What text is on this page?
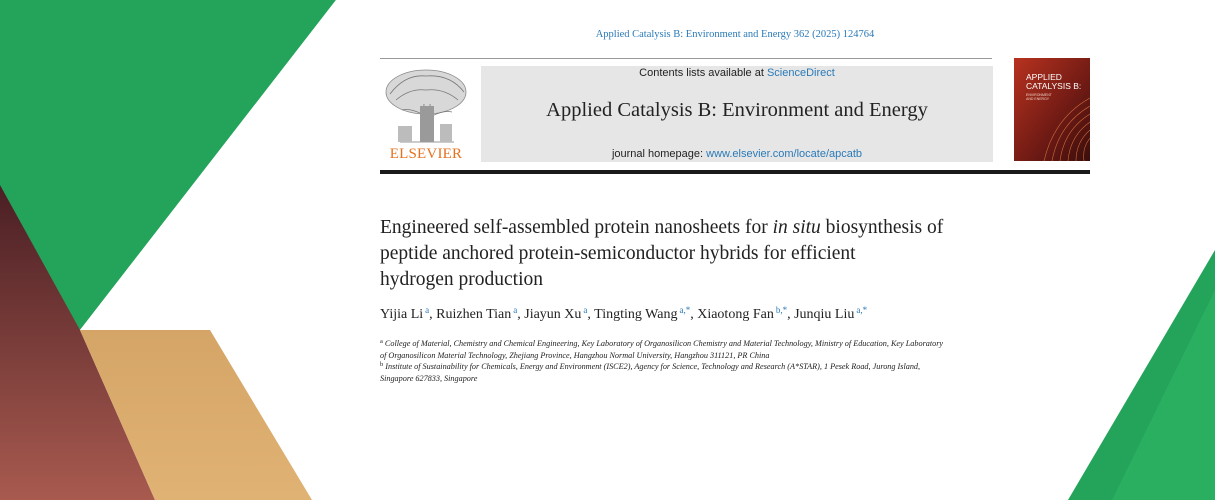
Applied Catalysis B: Environment and Energy 362 (2025) 124764
ELSEVIER
Contents lists available at ScienceDirect
Applied Catalysis B: Environment and Energy
journal homepage: www.elsevier.com/locate/apcatb
APPLIED
CATALYSIS B:
ENVIRONMENT
AND ENERGY
Engineered self-assembled protein nanosheets for in situ biosynthesis of
peptide anchored protein-semiconductor hybrids for efficient
hydrogen production
Yijia Li $^a$, Ruizhen Tian $^a$, Jiayun Xu $^a$, Tingting Wang $^{a,*}$, Xiaotong Fan $^{b,*}$, Junqiu Liu $^{a,*}$
$^a$ College of Material, Chemistry and Chemical Engineering, Key Laboratory of Organosilicon Chemistry and Material Technology, Ministry of Education, Key Laboratory
of Organosilicon Material Technology, Zhejiang Province, Hangzhou Normal University, Hangzhou 311121, PR China
$^b$ Institute of Sustainability for Chemicals, Energy and Environment (ISCE2), Agency for Science, Technology and Research (A*STAR), 1 Pesek Road, Jurong Island,
Singapore 627833, Singapore
